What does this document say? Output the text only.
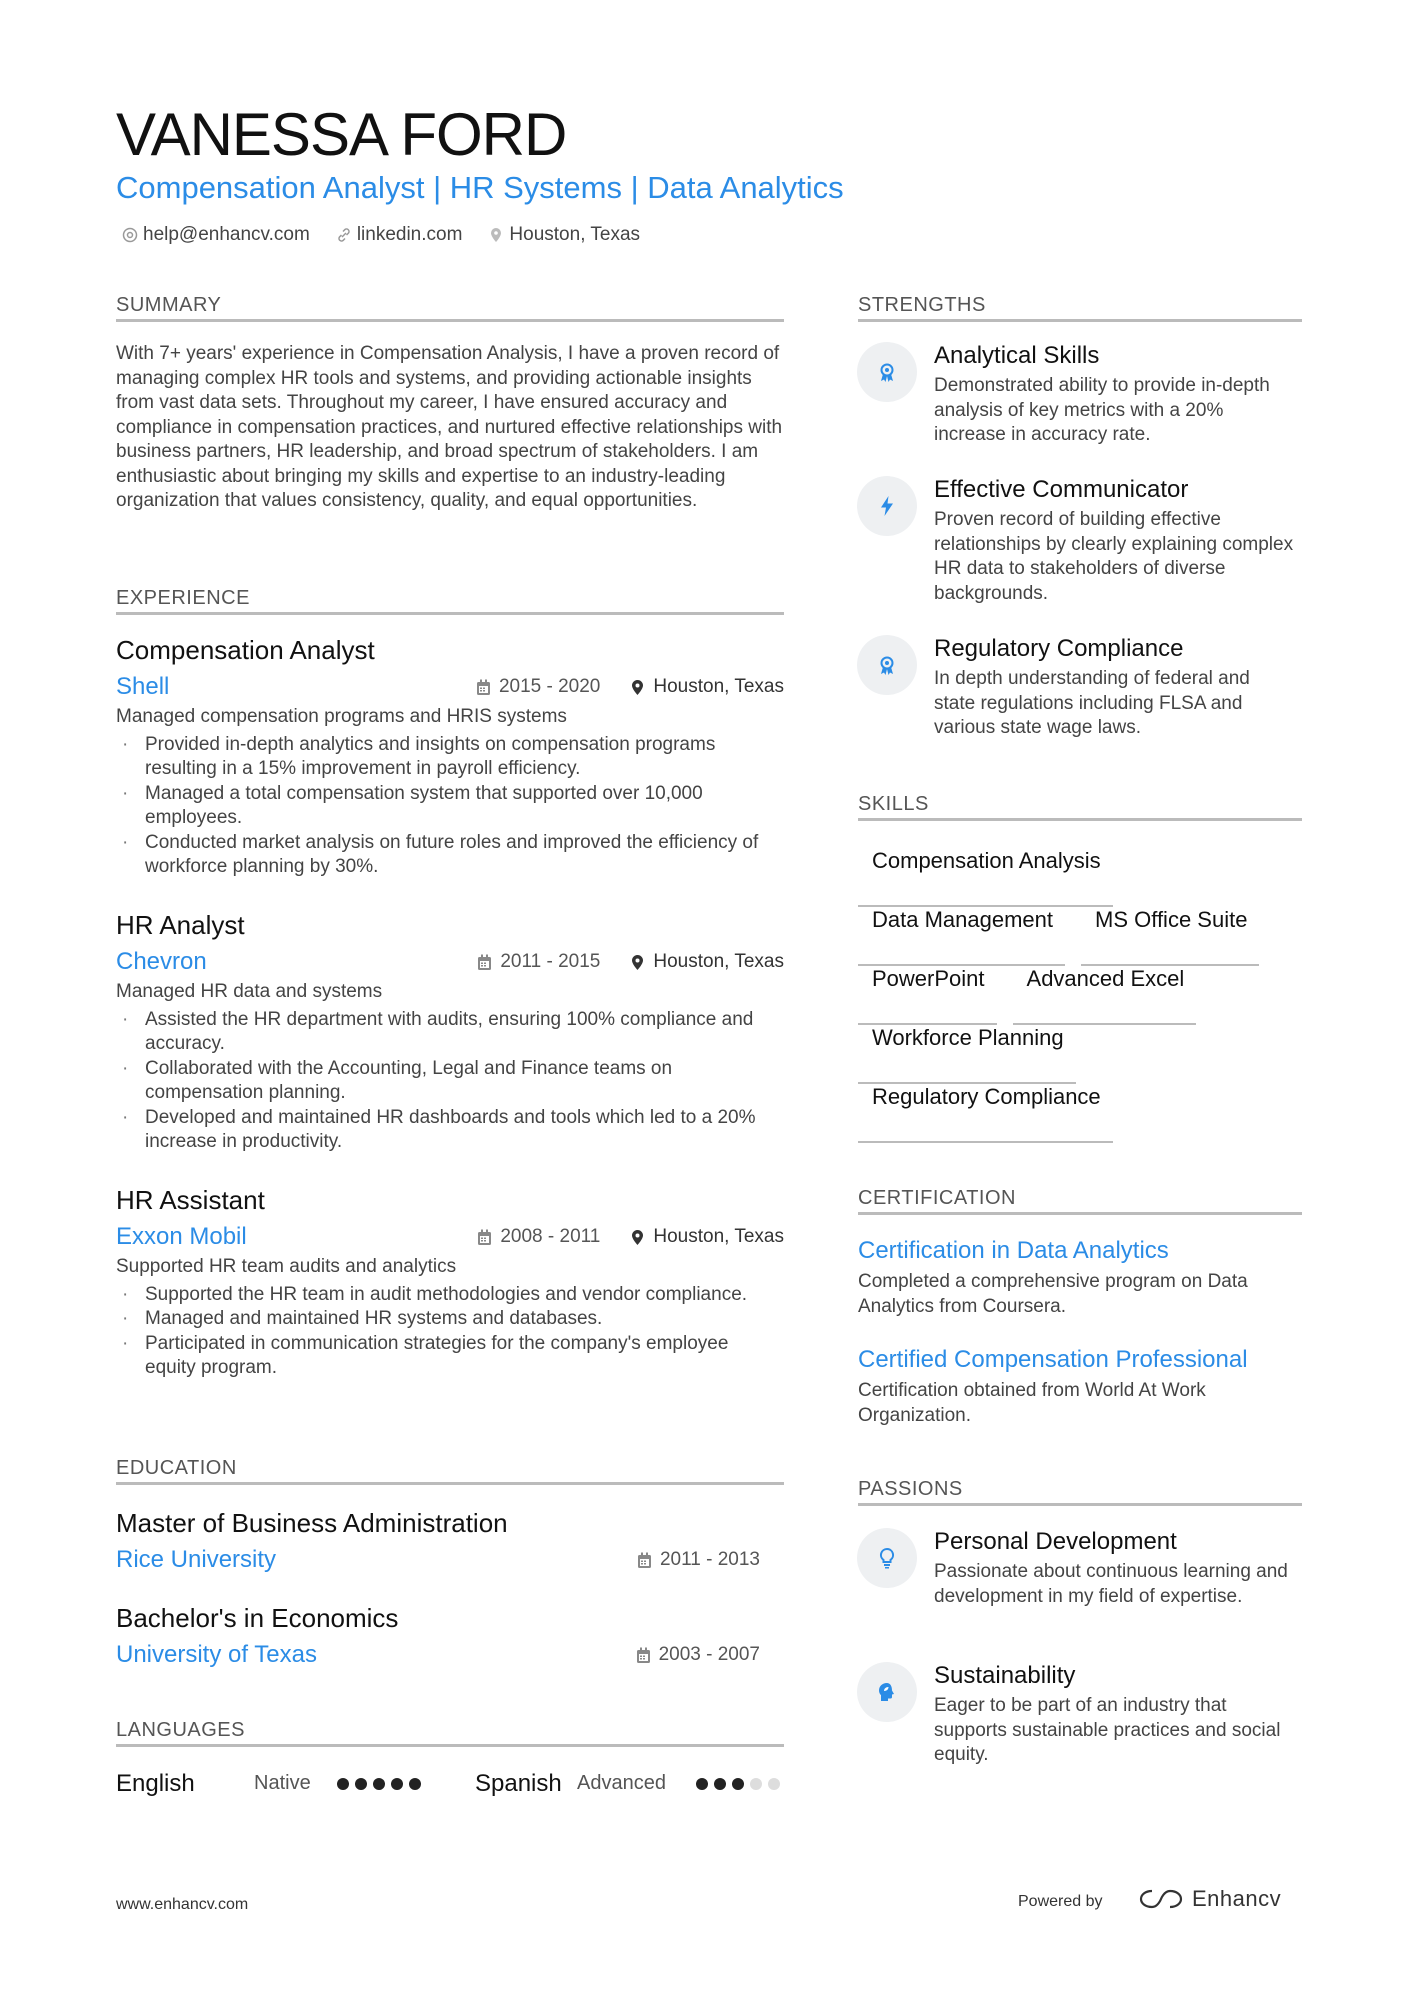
VANESSA FORD
Compensation Analyst | HR Systems | Data Analytics
help@enhancv.com linkedin.com Houston, Texas
SUMMARY
With 7+ years' experience in Compensation Analysis, I have a proven record of managing complex HR tools and systems, and providing actionable insights from vast data sets. Throughout my career, I have ensured accuracy and compliance in compensation practices, and nurtured effective relationships with business partners, HR leadership, and broad spectrum of stakeholders. I am enthusiastic about bringing my skills and expertise to an industry-leading organization that values consistency, quality, and equal opportunities.
EXPERIENCE
Compensation Analyst
Shell	2015 - 2020	Houston, Texas
Managed compensation programs and HRIS systems
· Provided in-depth analytics and insights on compensation programs resulting in a 15% improvement in payroll efficiency.
· Managed a total compensation system that supported over 10,000 employees.
· Conducted market analysis on future roles and improved the efficiency of workforce planning by 30%.
HR Analyst
Chevron	2011 - 2015	Houston, Texas
Managed HR data and systems
· Assisted the HR department with audits, ensuring 100% compliance and accuracy.
· Collaborated with the Accounting, Legal and Finance teams on compensation planning.
· Developed and maintained HR dashboards and tools which led to a 20% increase in productivity.
HR Assistant
Exxon Mobil	2008 - 2011	Houston, Texas
Supported HR team audits and analytics
· Supported the HR team in audit methodologies and vendor compliance.
· Managed and maintained HR systems and databases.
· Participated in communication strategies for the company's employee equity program.
EDUCATION
Master of Business Administration
Rice University	2011 - 2013
Bachelor's in Economics
University of Texas	2003 - 2007
LANGUAGES
English	Native	Spanish Advanced
STRENGTHS
Analytical Skills
Demonstrated ability to provide in-depth analysis of key metrics with a 20% increase in accuracy rate.
Effective Communicator
Proven record of building effective relationships by clearly explaining complex HR data to stakeholders of diverse backgrounds.
Regulatory Compliance
In depth understanding of federal and state regulations including FLSA and various state wage laws.
SKILLS
Compensation Analysis
Data Management	MS Office Suite
PowerPoint	Advanced Excel
Workforce Planning
Regulatory Compliance
CERTIFICATION
Certification in Data Analytics
Completed a comprehensive program on Data Analytics from Coursera.
Certified Compensation Professional
Certification obtained from World At Work Organization.
PASSIONS
Personal Development
Passionate about continuous learning and development in my field of expertise.
Sustainability
Eager to be part of an industry that supports sustainable practices and social equity.
www.enhancv.com	Powered by	Enhancv
